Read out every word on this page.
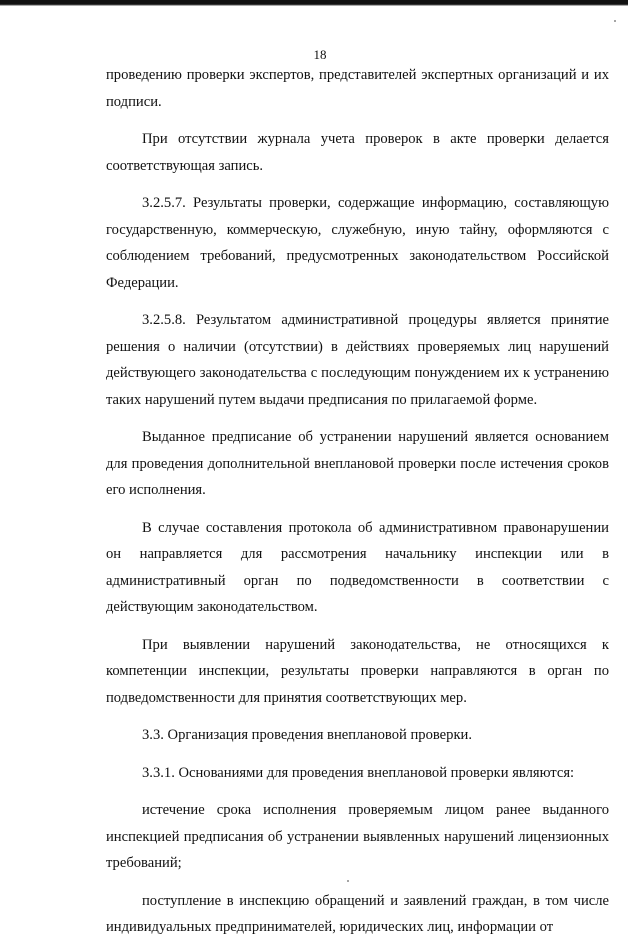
18

проведению проверки экспертов, представителей экспертных организаций и их подписи.

При отсутствии журнала учета проверок в акте проверки делается соответствующая запись.

3.2.5.7. Результаты проверки, содержащие информацию, составляющую государственную, коммерческую, служебную, иную тайну, оформляются с соблюдением требований, предусмотренных законодательством Российской Федерации.

3.2.5.8. Результатом административной процедуры является принятие решения о наличии (отсутствии) в действиях проверяемых лиц нарушений действующего законодательства с последующим понуждением их к устранению таких нарушений путем выдачи предписания по прилагаемой форме.

Выданное предписание об устранении нарушений является основанием для проведения дополнительной внеплановой проверки после истечения сроков его исполнения.

В случае составления протокола об административном правонарушении он направляется для рассмотрения начальнику инспекции или в административный орган по подведомственности в соответствии с действующим законодательством.

При выявлении нарушений законодательства, не относящихся к компетенции инспекции, результаты проверки направляются в орган по подведомственности для принятия соответствующих мер.

3.3. Организация проведения внеплановой проверки.

3.3.1. Основаниями для проведения внеплановой проверки являются:

истечение срока исполнения проверяемым лицом ранее выданного инспекцией предписания об устранении выявленных нарушений лицензионных требований;

поступление в инспекцию обращений и заявлений граждан, в том числе индивидуальных предпринимателей, юридических лиц, информации от
